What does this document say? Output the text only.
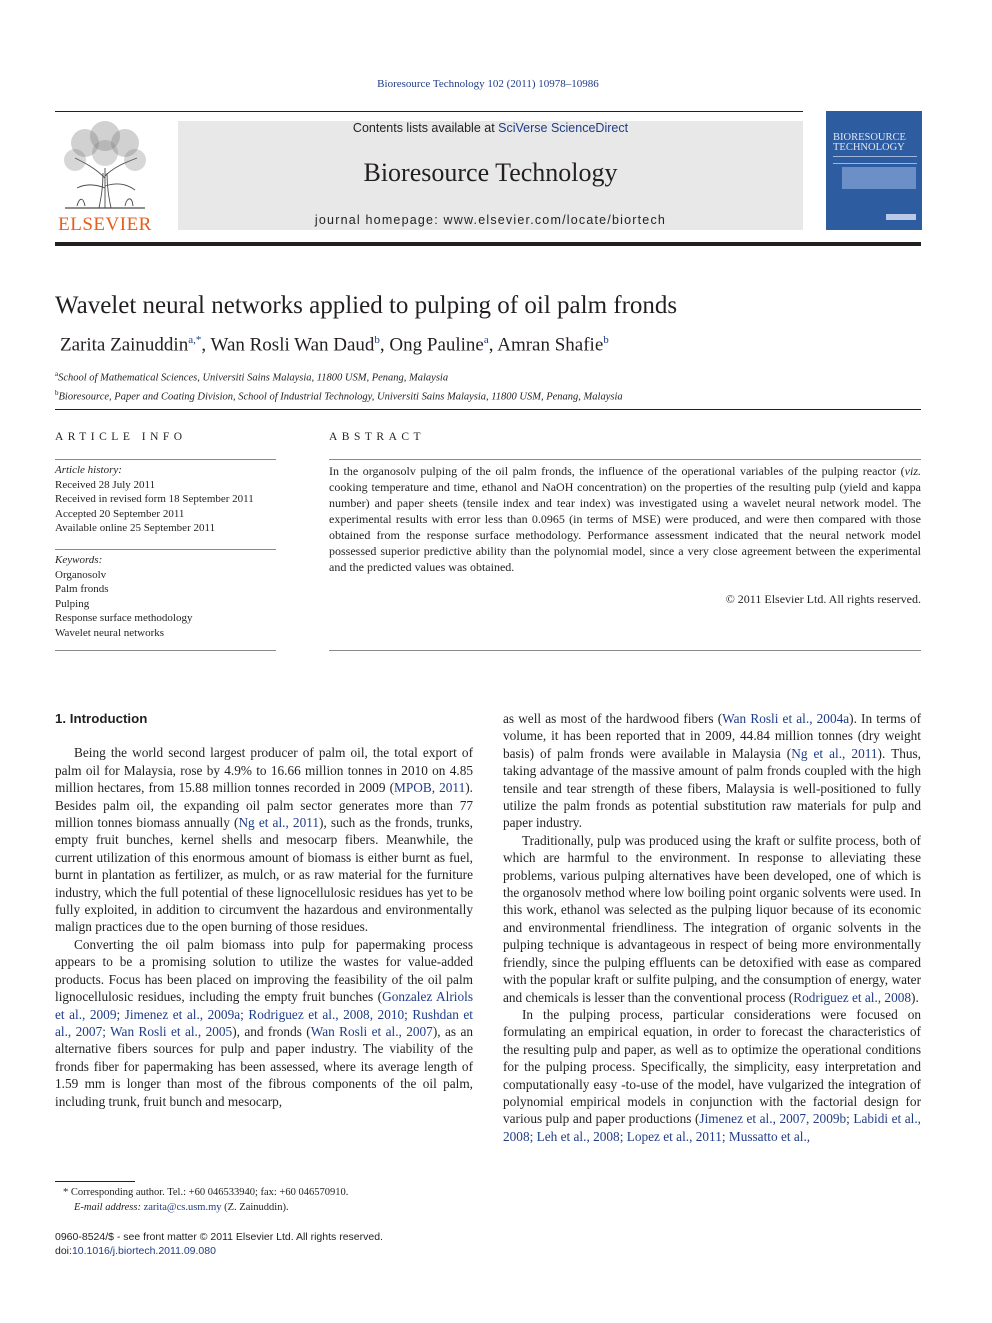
Bioresource Technology 102 (2011) 10978–10986
ELSEVIER
Contents lists available at SciVerse ScienceDirect
Bioresource Technology
journal homepage: www.elsevier.com/locate/biortech
BIORESOURCE TECHNOLOGY
Wavelet neural networks applied to pulping of oil palm fronds
Zarita Zainuddin$^{a,*}$, Wan Rosli Wan Daud$^b$, Ong Pauline$^a$, Amran Shafie$^b$
$^a$School of Mathematical Sciences, Universiti Sains Malaysia, 11800 USM, Penang, Malaysia
$^b$Bioresource, Paper and Coating Division, School of Industrial Technology, Universiti Sains Malaysia, 11800 USM, Penang, Malaysia
ARTICLE INFO	ABSTRACT
Article history:
Received 28 July 2011
Received in revised form 18 September 2011
Accepted 20 September 2011
Available online 25 September 2011
Keywords:
Organosolv
Palm fronds
Pulping
Response surface methodology
Wavelet neural networks
In the organosolv pulping of the oil palm fronds, the influence of the operational variables of the pulping reactor (viz. cooking temperature and time, ethanol and NaOH concentration) on the properties of the resulting pulp (yield and kappa number) and paper sheets (tensile index and tear index) was investigated using a wavelet neural network model. The experimental results with error less than 0.0965 (in terms of MSE) were produced, and were then compared with those obtained from the response surface methodology. Performance assessment indicated that the neural network model possessed superior predictive ability than the polynomial model, since a very close agreement between the experimental and the predicted values was obtained.
© 2011 Elsevier Ltd. All rights reserved.
1. Introduction

Being the world second largest producer of palm oil, the total export of palm oil for Malaysia, rose by 4.9% to 16.66 million tonnes in 2010 on 4.85 million hectares, from 15.88 million tonnes recorded in 2009 (MPOB, 2011). Besides palm oil, the expanding oil palm sector generates more than 77 million tonnes biomass annually (Ng et al., 2011), such as the fronds, trunks, empty fruit bunches, kernel shells and mesocarp fibers. Meanwhile, the current utilization of this enormous amount of biomass is either burnt as fuel, burnt in plantation as fertilizer, as mulch, or as raw material for the furniture industry, which the full potential of these lignocellulosic residues has yet to be fully exploited, in addition to circumvent the hazardous and environmentally malign practices due to the open burning of those residues.

Converting the oil palm biomass into pulp for papermaking process appears to be a promising solution to utilize the wastes for value-added products. Focus has been placed on improving the feasibility of the oil palm lignocellulosic residues, including the empty fruit bunches (Gonzalez Alriols et al., 2009; Jimenez et al., 2009a; Rodriguez et al., 2008, 2010; Rushdan et al., 2007; Wan Rosli et al., 2005), and fronds (Wan Rosli et al., 2007), as an alternative fibers sources for pulp and paper industry. The viability of the fronds fiber for papermaking has been assessed, where its average length of 1.59 mm is longer than most of the fibrous components of the oil palm, including trunk, fruit bunch and mesocarp,

as well as most of the hardwood fibers (Wan Rosli et al., 2004a). In terms of volume, it has been reported that in 2009, 44.84 million tonnes (dry weight basis) of palm fronds were available in Malaysia (Ng et al., 2011). Thus, taking advantage of the massive amount of palm fronds coupled with the high tensile and tear strength of these fibers, Malaysia is well-positioned to fully utilize the palm fronds as potential substitution raw materials for pulp and paper industry.

Traditionally, pulp was produced using the kraft or sulfite process, both of which are harmful to the environment. In response to alleviating these problems, various pulping alternatives have been developed, one of which is the organosolv method where low boiling point organic solvents were used. In this work, ethanol was selected as the pulping liquor because of its economic and environmental friendliness. The integration of organic solvents in the pulping technique is advantageous in respect of being more environmentally friendly, since the pulping effluents can be detoxified with ease as compared with the popular kraft or sulfite pulping, and the consumption of energy, water and chemicals is lesser than the conventional process (Rodriguez et al., 2008).

In the pulping process, particular considerations were focused on formulating an empirical equation, in order to forecast the characteristics of the resulting pulp and paper, as well as to optimize the operational conditions for the pulping process. Specifically, the simplicity, easy interpretation and computationally easy -to-use of the model, have vulgarized the integration of polynomial empirical models in conjunction with the factorial design for various pulp and paper productions (Jimenez et al., 2007, 2009b; Labidi et al., 2008; Leh et al., 2008; Lopez et al., 2011; Mussatto et al.,

* Corresponding author. Tel.: +60 046533940; fax: +60 046570910.
E-mail address: zarita@cs.usm.my (Z. Zainuddin).
0960-8524/$ - see front matter © 2011 Elsevier Ltd. All rights reserved.
doi:10.1016/j.biortech.2011.09.080
